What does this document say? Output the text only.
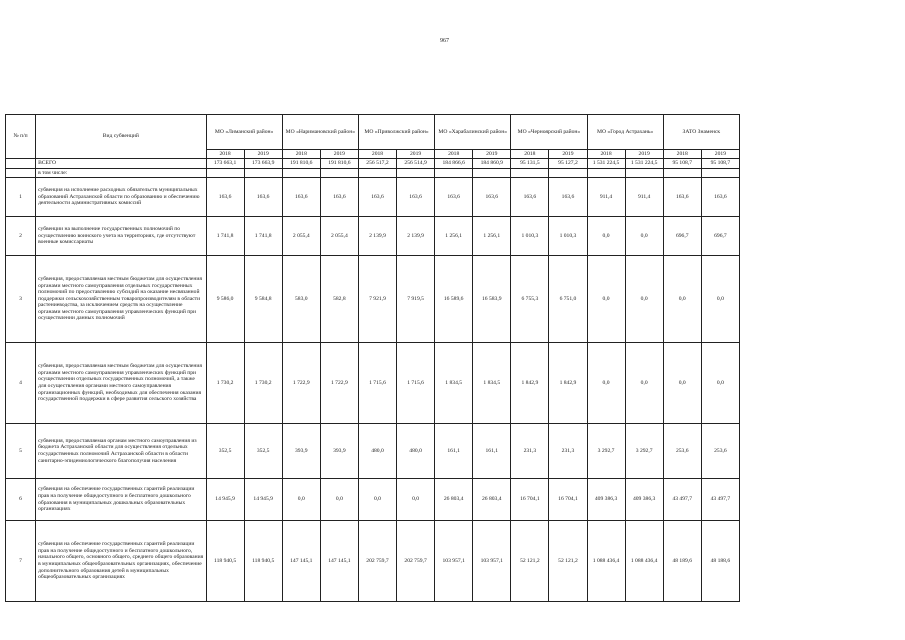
967
№ п/п	Вид субвенций	МО «Лиманский район»		МО «Наримановский район»		МО «Приволжский район»		МО «Харабалинский район»		МО «Черноярский район»		МО «Город Астрахань»		ЗАТО Знаменск	
		2018	2019	2018	2019	2018	2019	2018	2019	2018	2019	2018	2019	2018	2019
	ВСЕГО	173 663,1	173 663,9	191 810,6	191 810,6	256 517,2	256 514,9	184 866,6	184 860,9	95 131,5	95 127,2	1 531 224,5	1 531 224,5	95 108,7	95 108,7
	в том числе:														
1	субвенция на исполнение расходных обязательств муниципальных образований Астраханской области по образованию и обеспечению деятельности административных комиссий	163,6	163,6	163,6	163,6	163,6	163,6	163,6	163,6	163,6	163,6	911,4	911,4	163,6	163,6
2	субвенции на выполнение государственных полномочий по осуществлению воинского учета на территориях, где отсутствуют военные комиссариаты	1 741,8	1 741,8	2 055,4	2 055,4	2 139,9	2 139,9	1 256,1	1 256,1	1 010,3	1 010,3	0,0	0,0	696,7	696,7
3	субвенция, предоставляемая местным бюджетам для осуществления органами местного самоуправления отдельных государственных полномочий по предоставлению субсидий на оказание несвязанной поддержки сельскохозяйственным товаропроизводителям в области растениеводства, за исключением средств на осуществление органами местного самоуправления управленческих функций при осуществлении данных полномочий	9 586,0	9 584,8	583,0	582,8	7 921,9	7 919,5	16 589,6	16 583,9	6 755,3	6 751,0	0,0	0,0	0,0	0,0
4	субвенция, предоставляемая местным бюджетам для осуществления органами местного самоуправления управленческих функций при осуществлении отдельных государственных полномочий, а также для осуществления органами местного самоуправления организационных функций, необходимых для обеспечения оказания государственной поддержки в сфере развития сельского хозяйства	1 730,2	1 730,2	1 722,9	1 722,9	1 715,6	1 715,6	1 834,5	1 834,5	1 842,9	1 842,9	0,0	0,0	0,0	0,0
5	субвенция, предоставляемая органам местного самоуправления из бюджета Астраханской области для осуществления отдельных государственных полномочий Астраханской области в области санитарно-эпидемиологического благополучия населения	352,5	352,5	393,9	393,9	480,0	480,0	161,1	161,1	231,3	231,3	3 292,7	3 292,7	253,6	253,6
6	субвенция на обеспечение государственных гарантий реализации прав на получение общедоступного и бесплатного дошкольного образования в муниципальных дошкольных образовательных организациях	14 945,9	14 945,9	0,0	0,0	0,0	0,0	26 803,4	26 803,4	16 704,1	16 704,1	409 386,3	409 386,3	43 497,7	43 497,7
7	субвенция на обеспечение государственных гарантий реализации прав на получение общедоступного и бесплатного дошкольного, начального общего, основного общего, среднего общего образования в муниципальных общеобразовательных организациях, обеспечение дополнительного образования детей в муниципальных общеобразовательных организациях	118 940,5	118 940,5	147 145,1	147 145,1	202 759,7	202 759,7	103 957,1	103 957,1	52 121,2	52 121,2	1 088 436,4	1 088 436,4	48 189,6	48 188,6
